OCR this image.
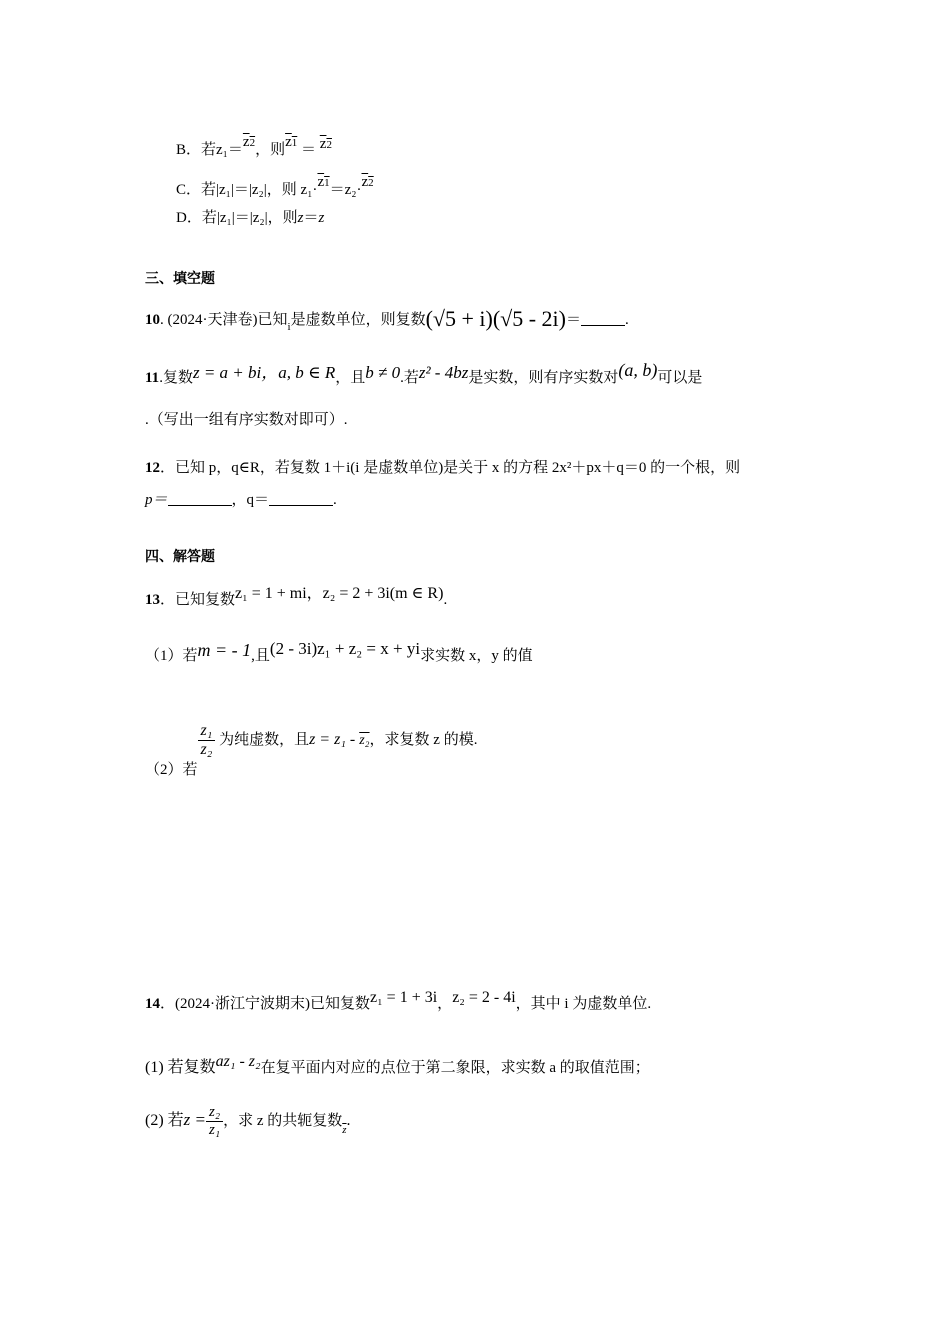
B．若z₁＝z2，则z1 ＝ z2
C．若|z₁|＝|z₂|，则 z₁·z1＝z₂·z2
D．若|z₁|＝|z₂|，则z＝z
三、填空题
10. (2024·天津卷)已知$_i$是虚数单位，则复数(√5 + i)(√5 - 2i)＝	.
11.复数z = a + bi，a, b ∈ R，且b ≠ 0.若z² - 4bz是实数，则有序实数对(a, b)可以是
.（写出一组有序实数对即可）.
12．已知 p，q∈R，若复数 1＋i(i 是虚数单位)是关于 x 的方程 2x²＋px＋q＝0 的一个根，则
p＝	，q＝	.
四、解答题
13．已知复数z₁ = 1 + mi，z₂ = 2 + 3i(m ∈ R).
（1）若m = - 1,且(2 - 3i)z₁ + z₂ = x + yi求实数 x，y 的值
（2）若
$\frac{\text{z₁}}{\text{z₂}}$ 为纯虚数，且z = z₁ - z₂，求复数 z 的模.
14．(2024·浙江宁波期末)已知复数z₁ = 1 + 3i，z₂ = 2 - 4i，其中 i 为虚数单位.
(1) 若复数az₁ - z₂在复平面内对应的点位于第二象限，求实数 a 的取值范围；
(2) 若$z = \frac{\text{z₂}}{\text{z₁}}$ ，求 z 的共轭复数$_{\overline{z}}$.
